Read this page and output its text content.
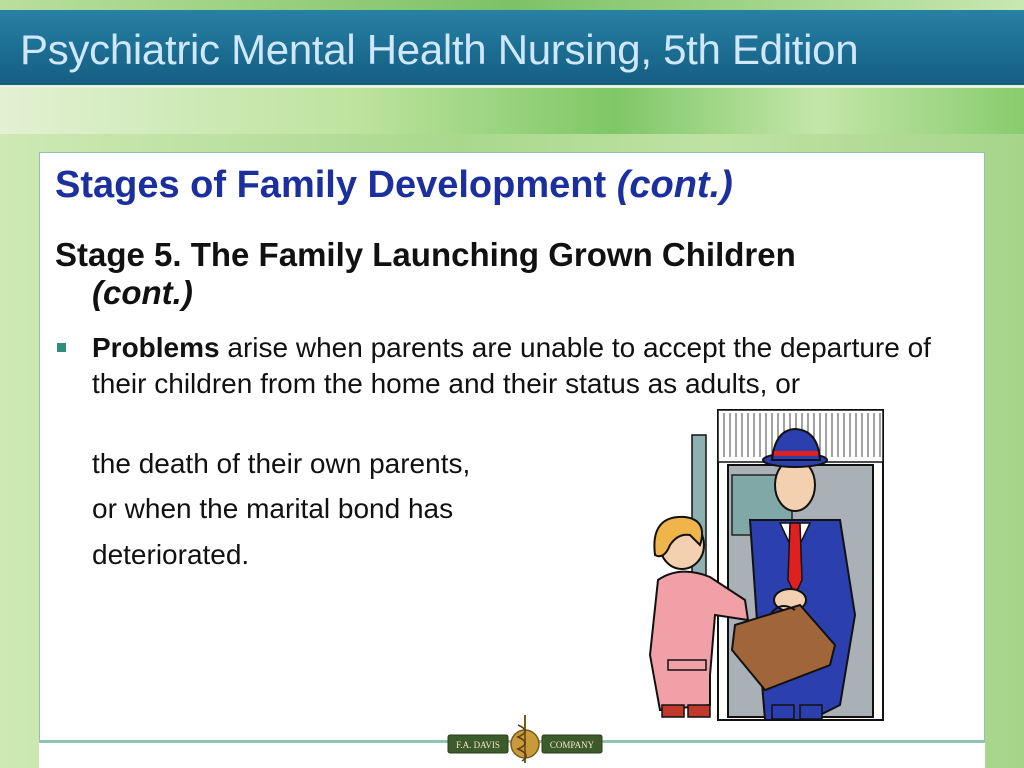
Psychiatric Mental Health Nursing, 5th Edition
Stages of Family Development (cont.)
Stage 5. The Family Launching Grown Children
(cont.)
Problems arise when parents are unable to accept the departure of their children from the home and their status as adults, or
the death of their own parents,
or when the marital bond has
deteriorated.
F.A. DAVIS	COMPANY
